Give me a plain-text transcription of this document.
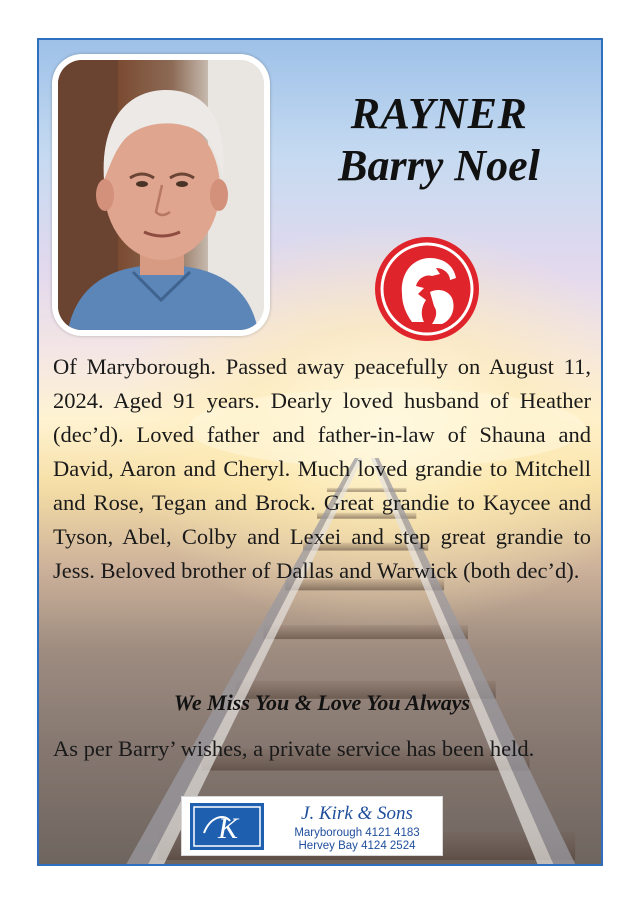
RAYNER
Barry Noel
Of Maryborough. Passed away peacefully on August 11, 2024. Aged 91 years. Dearly loved husband of Heather (dec’d). Loved father and father-in-law of Shauna and David, Aaron and Cheryl. Much loved grandie to Mitchell and Rose, Tegan and Brock. Great grandie to Kaycee and Tyson, Abel, Colby and Lexei and step great grandie to Jess. Beloved brother of Dallas and Warwick (both dec’d).
We Miss You & Love You Always
As per Barry’ wishes, a private service has been held.
K	J. Kirk & Sons
Maryborough 4121 4183
Hervey Bay 4124 2524
